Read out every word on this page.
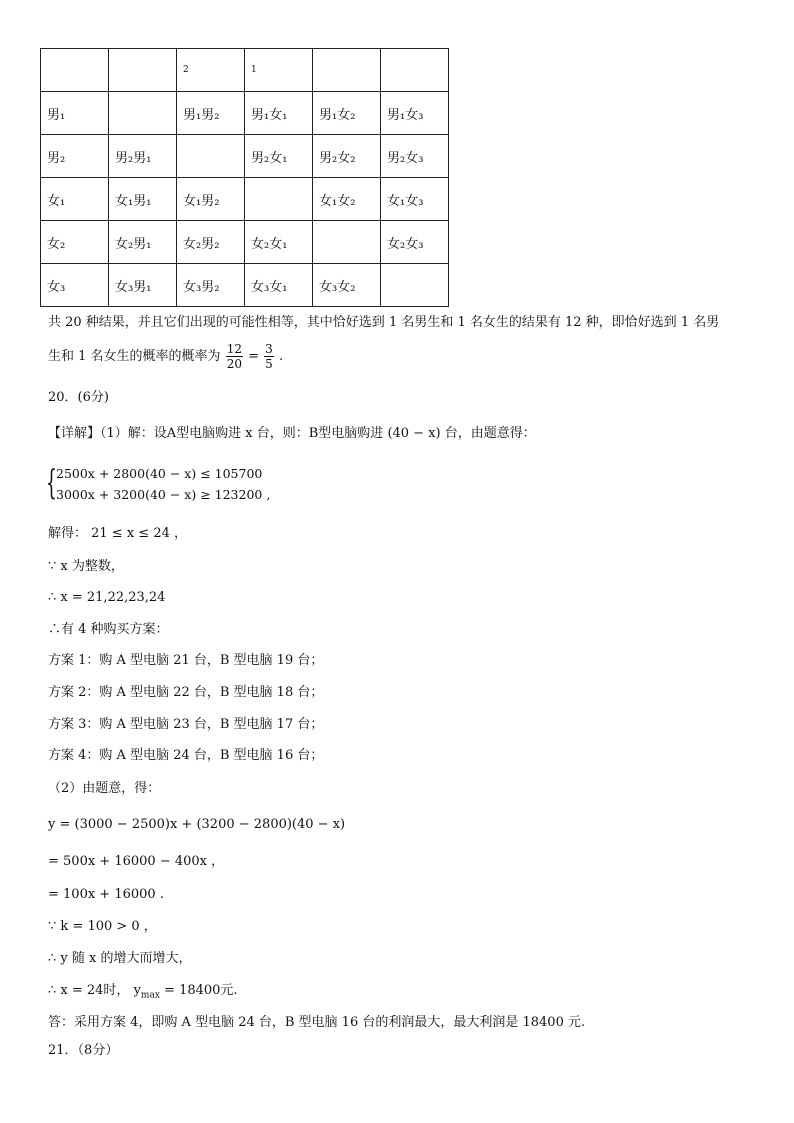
		2	1		
男₁		男₁男₂	男₁女₁	男₁女₂	男₁女₃
男₂	男₂男₁		男₂女₁	男₂女₂	男₂女₃
女₁	女₁男₁	女₁男₂		女₁女₂	女₁女₃
女₂	女₂男₁	女₂男₂	女₂女₁		女₂女₃
女₃	女₃男₁	女₃男₂	女₃女₁	女₃女₂	
共 20 种结果，并且它们出现的可能性相等，其中恰好选到 1 名男生和 1 名女生的结果有 12 种，即恰好选到 1 名男
生和 1 名女生的概率的概率为 $\frac{12}{20} = \frac{3}{5}$ .
20．(6分)
【详解】（1）解：设A型电脑购进 x 台，则：B型电脑购进 (40 − x) 台，由题意得：
{ 2500x + 2800(40 − x) ≤ 105700
3000x + 3200(40 − x) ≥ 123200 ,
解得： 21 ≤ x ≤ 24 ，
∵ x 为整数，
∴ x = 21,22,23,24
∴有 4 种购买方案：
方案 1：购 A 型电脑 21 台，B 型电脑 19 台；
方案 2：购 A 型电脑 22 台，B 型电脑 18 台；
方案 3：购 A 型电脑 23 台，B 型电脑 17 台；
方案 4：购 A 型电脑 24 台，B 型电脑 16 台；
（2）由题意，得：
y = (3000 − 2500)x + (3200 − 2800)(40 − x)
= 500x + 16000 − 400x ，
= 100x + 16000 .
∵ k = 100 > 0 ，
∴ y 随 x 的增大而增大，
∴ x = 24时， $y_{max} = 18400$元.
答：采用方案 4，即购 A 型电脑 24 台，B 型电脑 16 台的利润最大，最大利润是 18400 元.
21．（8分）
